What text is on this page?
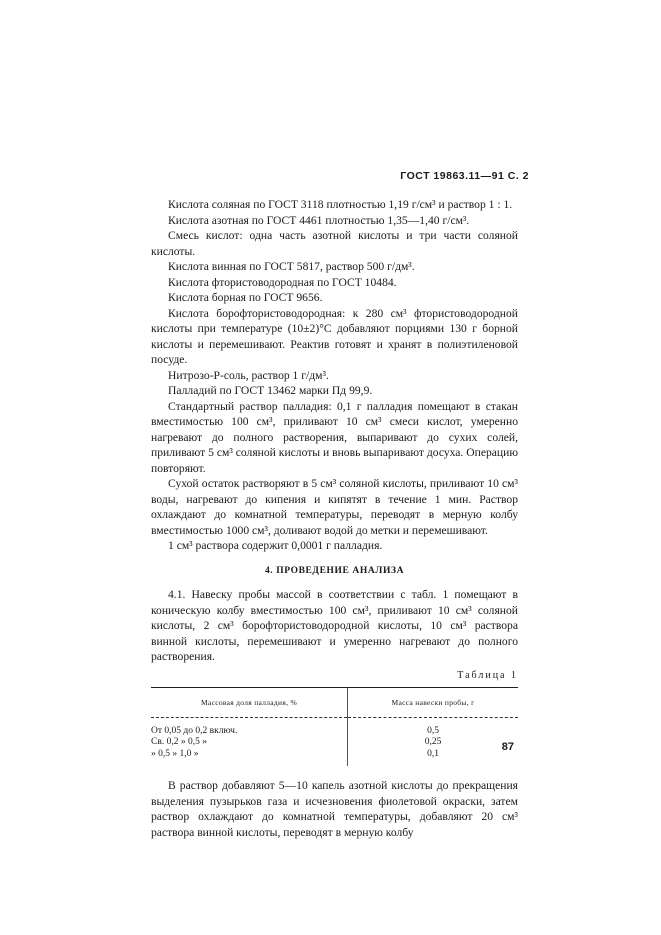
ГОСТ 19863.11—91 С. 2

Кислота соляная по ГОСТ 3118 плотностью 1,19 г/см³ и раствор 1 : 1.

Кислота азотная по ГОСТ 4461 плотностью 1,35—1,40 г/см³.

Смесь кислот: одна часть азотной кислоты и три части соляной кислоты.

Кислота винная по ГОСТ 5817, раствор 500 г/дм³.

Кислота фтористоводородная по ГОСТ 10484.

Кислота борная по ГОСТ 9656.

Кислота борофтористоводородная: к 280 см³ фтористоводородной кислоты при температуре (10±2)°С добавляют порциями 130 г борной кислоты и перемешивают. Реактив готовят и хранят в полиэтиленовой посуде.

Нитрозо-Р-соль, раствор 1 г/дм³.

Палладий по ГОСТ 13462 марки Пд 99,9.

Стандартный раствор палладия: 0,1 г палладия помещают в стакан вместимостью 100 см³, приливают 10 см³ смеси кислот, умеренно нагревают до полного растворения, выпаривают до сухих солей, приливают 5 см³ соляной кислоты и вновь выпаривают досуха. Операцию повторяют.

Сухой остаток растворяют в 5 см³ соляной кислоты, приливают 10 см³ воды, нагревают до кипения и кипятят в течение 1 мин. Раствор охлаждают до комнатной температуры, переводят в мерную колбу вместимостью 1000 см³, доливают водой до метки и перемешивают.

1 см³ раствора содержит 0,0001 г палладия.

4. ПРОВЕДЕНИЕ АНАЛИЗА

4.1. Навеску пробы массой в соответствии с табл. 1 помещают в коническую колбу вместимостью 100 см³, приливают 10 см³ соляной кислоты, 2 см³ борофтористоводородной кислоты, 10 см³ раствора винной кислоты, перемешивают и умеренно нагревают до полного растворения.

Таблица 1
Массовая доля палладия, %	Масса навески пробы, г
От 0,05 до 0,2 включ.	0,5
Св. 0,2 » 0,5 »	0,25
» 0,5 » 1,0 »	0,1

В раствор добавляют 5—10 капель азотной кислоты до прекращения выделения пузырьков газа и исчезновения фиолетовой окраски, затем раствор охлаждают до комнатной температуры, добавляют 20 см³ раствора винной кислоты, переводят в мерную колбу

87
